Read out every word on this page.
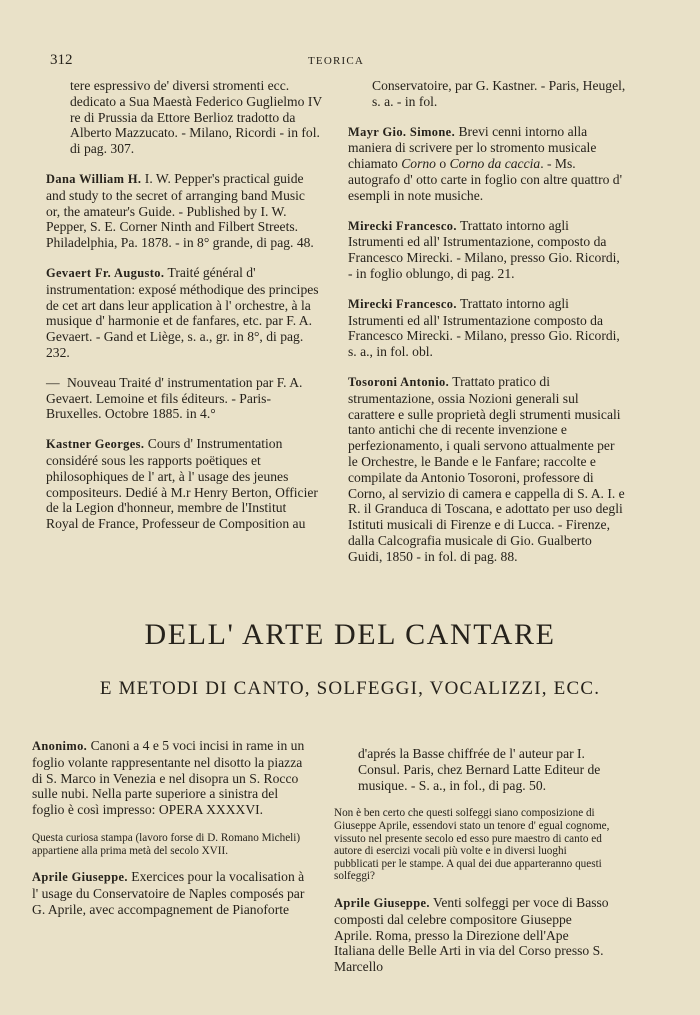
312	TEORICA

tere espressivo de' diversi stromenti ecc. dedicato a Sua Maestà Federico Guglielmo IV re di Prussia da Ettore Berlioz tradotto da Alberto Mazzucato. - Milano, Ricordi - in fol. di pag. 307.

Dana William H. I. W. Pepper's practical guide and study to the secret of arranging band Music or, the amateur's Guide. - Published by I. W. Pepper, S. E. Corner Ninth and Filbert Streets. Philadelphia, Pa. 1878. - in 8° grande, di pag. 48.

Gevaert Fr. Augusto. Traité général d' instrumentation: exposé méthodique des principes de cet art dans leur application à l' orchestre, à la musique d' harmonie et de fanfares, etc. par F. A. Gevaert. - Gand et Liège, s. a., gr. in 8°, di pag. 232.

— Nouveau Traité d' instrumentation par F. A. Gevaert. Lemoine et fils éditeurs. - Paris-Bruxelles. Octobre 1885. in 4.°

Kastner Georges. Cours d' Instrumentation considéré sous les rapports poëtiques et philosophiques de l' art, à l' usage des jeunes compositeurs. Dedié à M.r Henry Berton, Officier de la Legion d'honneur, membre de l'Institut Royal de France, Professeur de Composition au

Conservatoire, par G. Kastner. - Paris, Heugel, s. a. - in fol.

Mayr Gio. Simone. Brevi cenni intorno alla maniera di scrivere per lo stromento musicale chiamato Corno o Corno da caccia. - Ms. autografo d' otto carte in foglio con altre quattro d' esempli in note musiche.

Mirecki Francesco. Trattato intorno agli Istrumenti ed all' Istrumentazione, composto da Francesco Mirecki. - Milano, presso Gio. Ricordi, - in foglio oblungo, di pag. 21.

Mirecki Francesco. Trattato intorno agli Istrumenti ed all' Istrumentazione composto da Francesco Mirecki. - Milano, presso Gio. Ricordi, s. a., in fol. obl.

Tosoroni Antonio. Trattato pratico di strumentazione, ossia Nozioni generali sul carattere e sulle proprietà degli strumenti musicali tanto antichi che di recente invenzione e perfezionamento, i quali servono attualmente per le Orchestre, le Bande e le Fanfare; raccolte e compilate da Antonio Tosoroni, professore di Corno, al servizio di camera e cappella di S. A. I. e R. il Granduca di Toscana, e adottato per uso degli Istituti musicali di Firenze e di Lucca. - Firenze, dalla Calcografia musicale di Gio. Gualberto Guidi, 1850 - in fol. di pag. 88.

DELL' ARTE DEL CANTARE
E METODI DI CANTO, SOLFEGGI, VOCALIZZI, ECC.

Anonimo. Canoni a 4 e 5 voci incisi in rame in un foglio volante rappresentante nel disotto la piazza di S. Marco in Venezia e nel disopra un S. Rocco sulle nubi. Nella parte superiore a sinistra del foglio è così impresso: OPERA XXXXVI.

Questa curiosa stampa (lavoro forse di D. Romano Micheli) appartiene alla prima metà del secolo XVII.

Aprile Giuseppe. Exercices pour la vocalisation à l' usage du Conservatoire de Naples composés par G. Aprile, avec accompagnement de Pianoforte

d'aprés la Basse chiffrée de l' auteur par I. Consul. Paris, chez Bernard Latte Editeur de musique. - S. a., in fol., di pag. 50.

Non è ben certo che questi solfeggi siano composizione di Giuseppe Aprile, essendovi stato un tenore d' egual cognome, vissuto nel presente secolo ed esso pure maestro di canto ed autore di esercizi vocali più volte e in diversi luoghi pubblicati per le stampe. A qual dei due apparteranno questi solfeggi?

Aprile Giuseppe. Venti solfeggi per voce di Basso composti dal celebre compositore Giuseppe Aprile. Roma, presso la Direzione dell'Ape Italiana delle Belle Arti in via del Corso presso S. Marcello
